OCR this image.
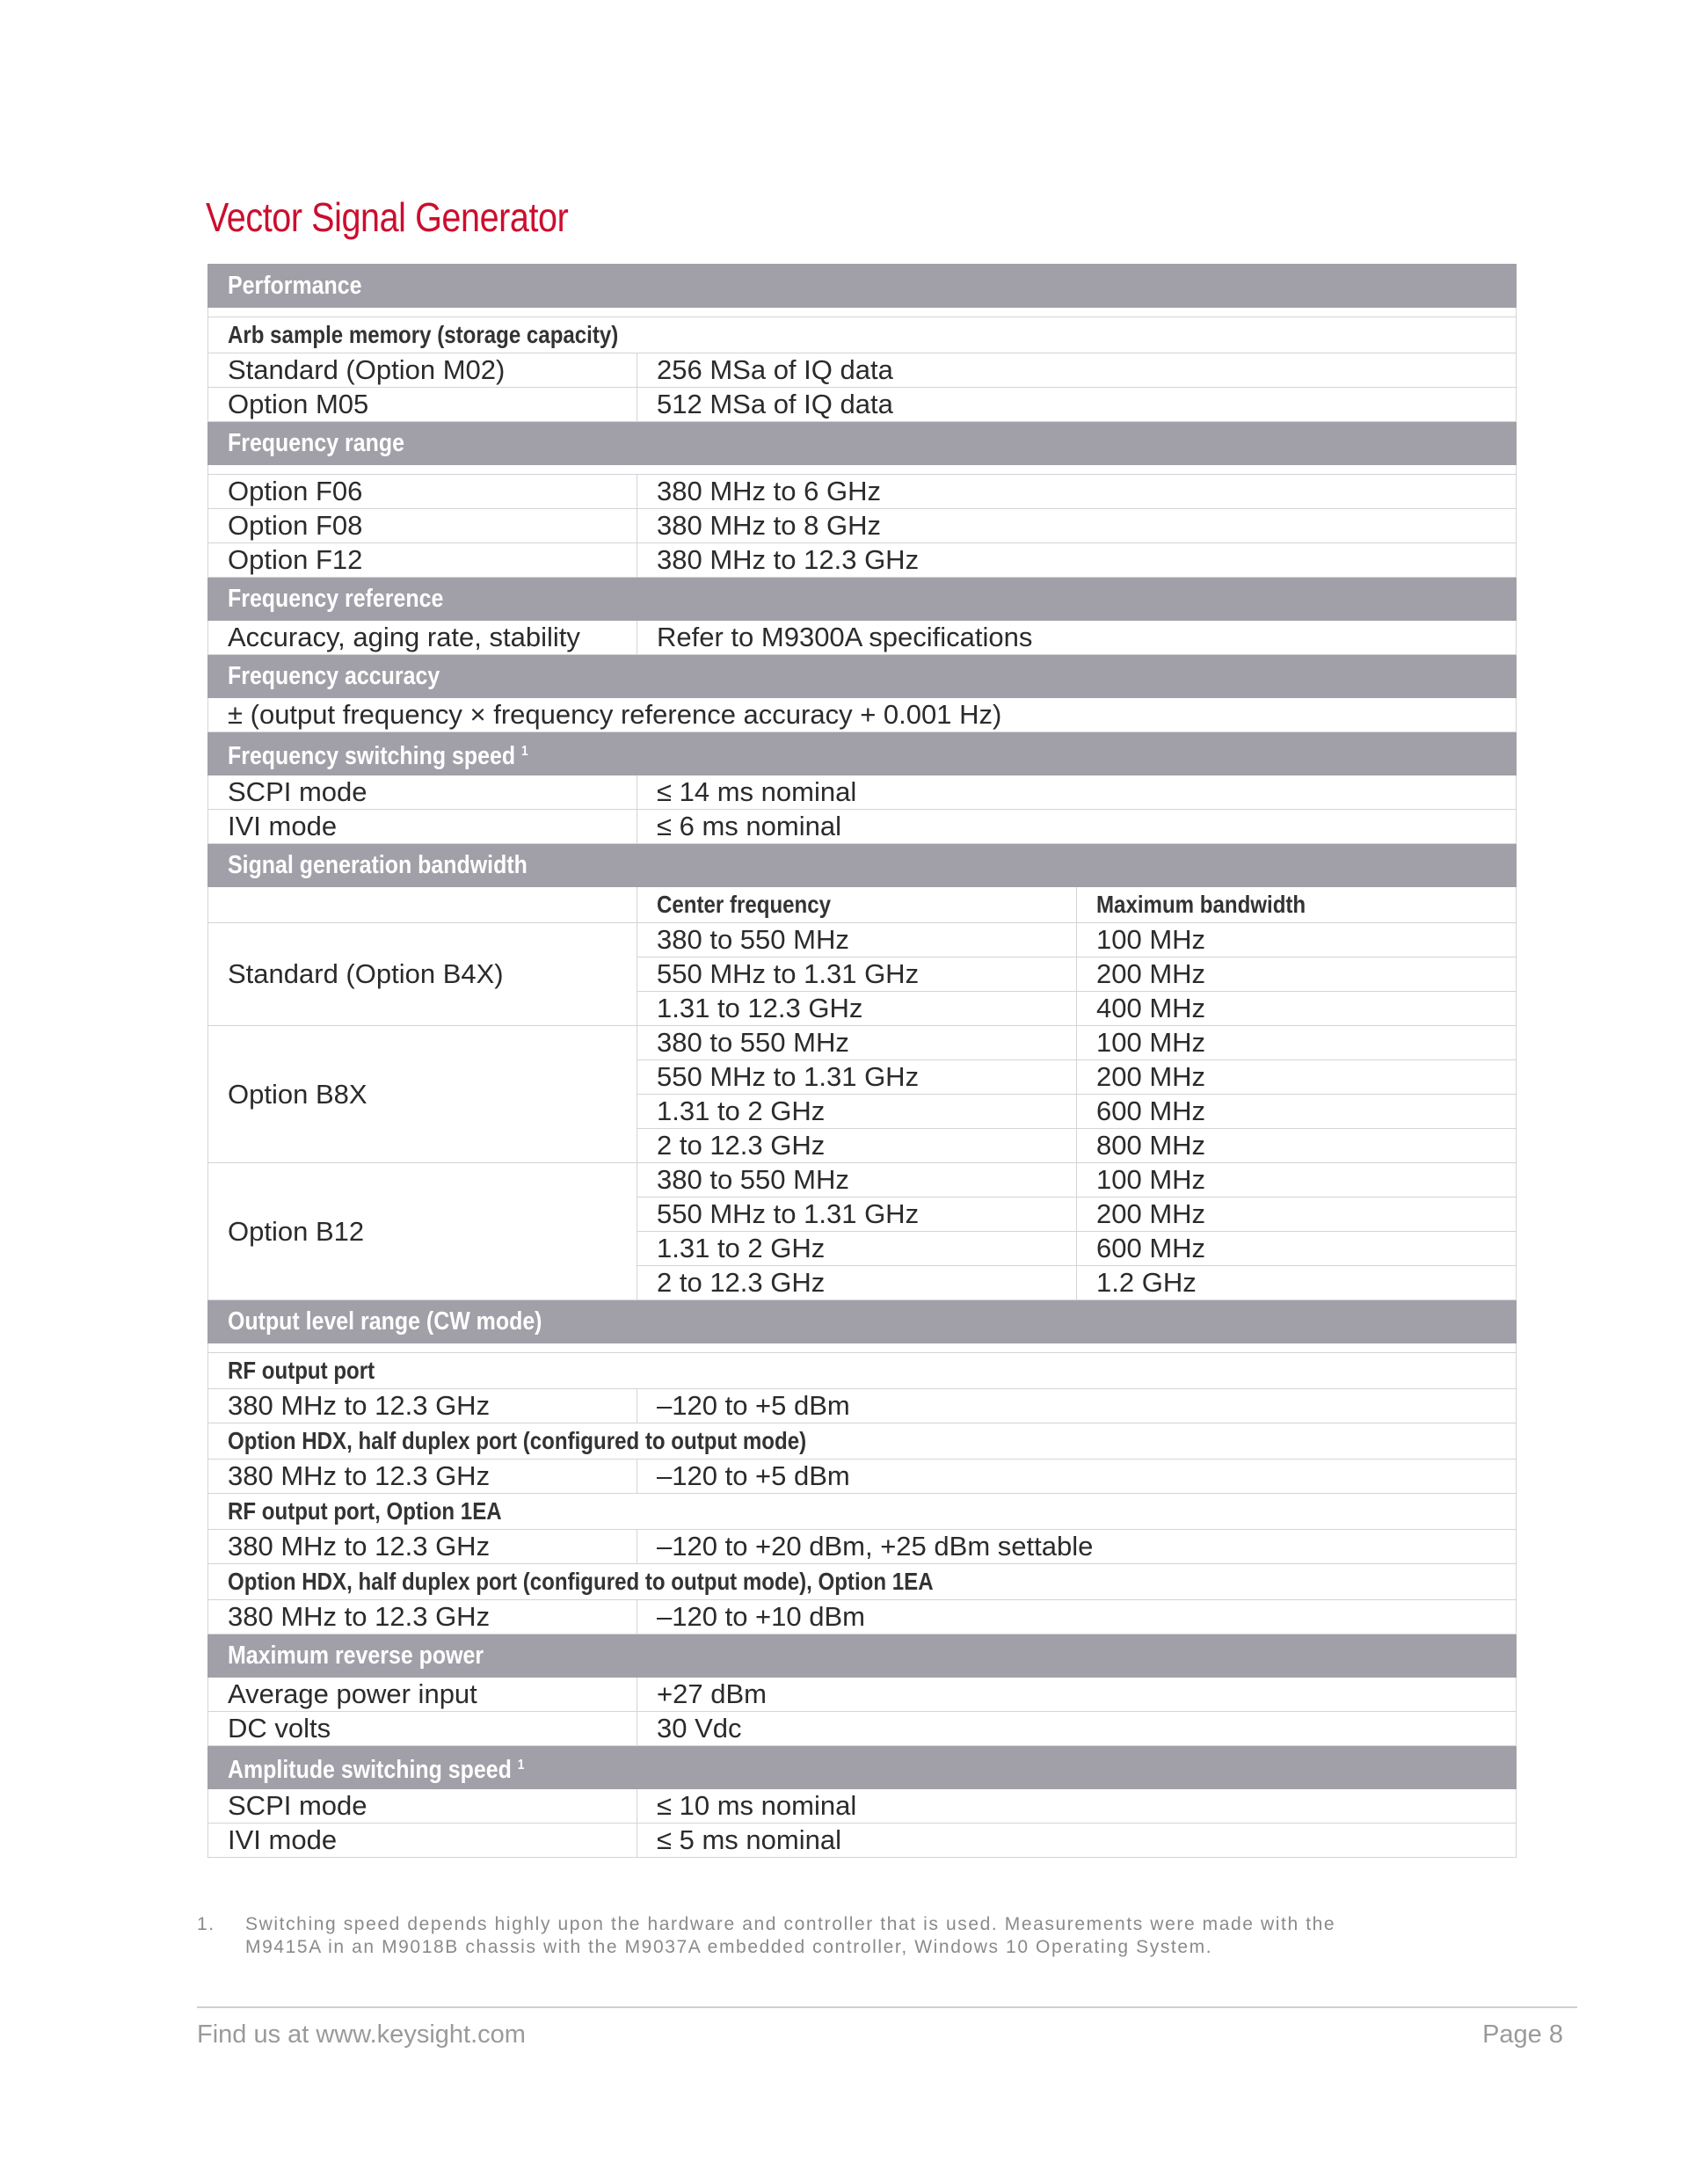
Vector Signal Generator
Performance		

Arb sample memory (storage capacity)		
Standard (Option M02)	256 MSa of IQ data	
Option M05	512 MSa of IQ data	
Frequency range		

Option F06	380 MHz to 6 GHz	
Option F08	380 MHz to 8 GHz	
Option F12	380 MHz to 12.3 GHz	
Frequency reference		
Accuracy, aging rate, stability	Refer to M9300A specifications	
Frequency accuracy		
± (output frequency × frequency reference accuracy + 0.001 Hz)		
Frequency switching speed $^1$
SCPI mode	≤ 14 ms nominal	
IVI mode	≤ 6 ms nominal	
Signal generation bandwidth		
	Center frequency	Maximum bandwidth
Standard (Option B4X)	380 to 550 MHz	100 MHz
	550 MHz to 1.31 GHz	200 MHz
	1.31 to 12.3 GHz	400 MHz
Option B8X	380 to 550 MHz	100 MHz
	550 MHz to 1.31 GHz	200 MHz
	1.31 to 2 GHz	600 MHz
	2 to 12.3 GHz	800 MHz
Option B12	380 to 550 MHz	100 MHz
	550 MHz to 1.31 GHz	200 MHz
	1.31 to 2 GHz	600 MHz
	2 to 12.3 GHz	1.2 GHz
Output level range (CW mode)		

RF output port		
380 MHz to 12.3 GHz	–120 to +5 dBm	
Option HDX, half duplex port (configured to output mode)		
380 MHz to 12.3 GHz	–120 to +5 dBm	
RF output port, Option 1EA		
380 MHz to 12.3 GHz	–120 to +20 dBm, +25 dBm settable	
Option HDX, half duplex port (configured to output mode), Option 1EA		
380 MHz to 12.3 GHz	–120 to +10 dBm	
Maximum reverse power		
Average power input	+27 dBm	
DC volts	30 Vdc	
Amplitude switching speed $^1$
SCPI mode	≤ 10 ms nominal	
IVI mode	≤ 5 ms nominal	
1. Switching speed depends highly upon the hardware and controller that is used. Measurements were made with the M9415A in an M9018B chassis with the M9037A embedded controller, Windows 10 Operating System.
Find us at www.keysight.com	Page 8
